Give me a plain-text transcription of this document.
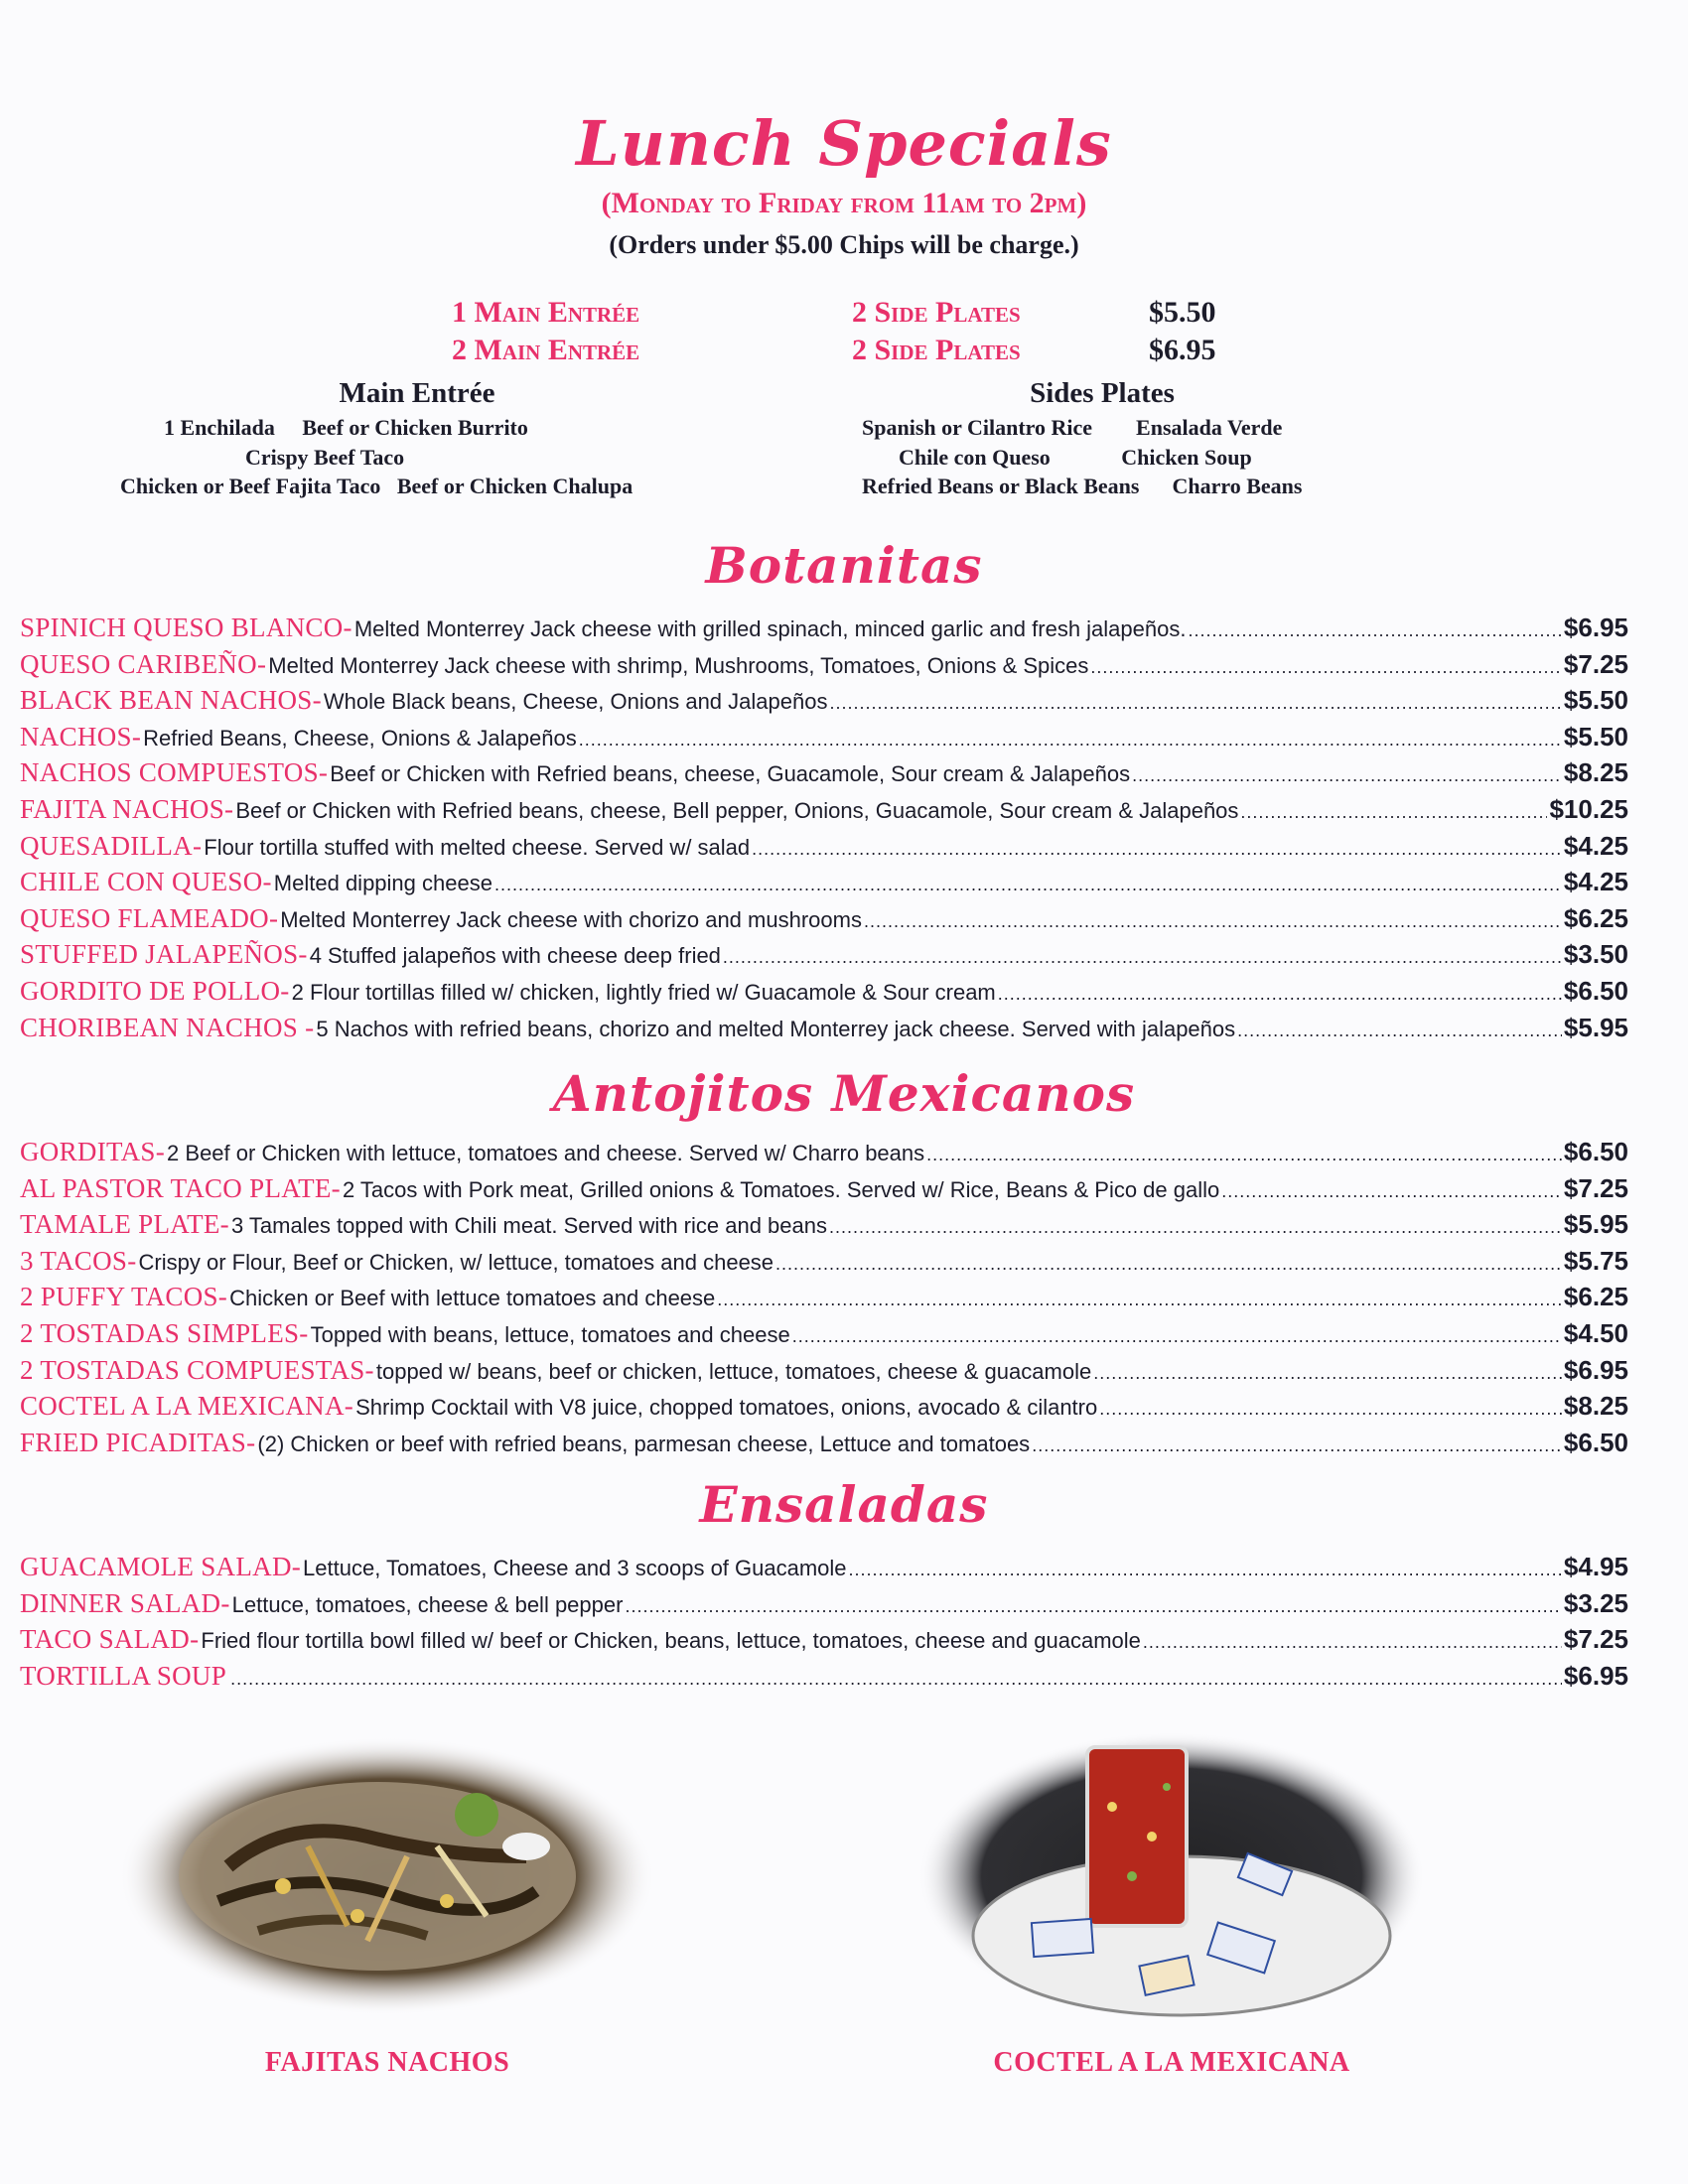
Lunch Specials
(Monday to Friday from 11am to 2pm)
(Orders under $5.00 Chips will be charge.)
1 Main Entrée	2 Side Plates	$5.50
2 Main Entrée	2 Side Plates	$6.95
Main Entrée
1 Enchilada     Beef or Chicken Burrito
Crispy Beef Taco
Chicken or Beef Fajita Taco   Beef or Chicken Chalupa
Sides Plates
Spanish or Cilantro Rice        Ensalada Verde
Chile con Queso             Chicken Soup
Refried Beans or Black Beans      Charro Beans
Botanitas
SPINICH QUESO BLANCO- Melted Monterrey Jack cheese with grilled spinach, minced garlic and fresh jalapeños. .....	$6.95
QUESO CARIBEÑO- Melted Monterrey Jack cheese with shrimp, Mushrooms, Tomatoes, Onions & Spices .....	$7.25
BLACK BEAN NACHOS- Whole Black beans, Cheese, Onions and Jalapeños .....	$5.50
NACHOS- Refried Beans, Cheese, Onions & Jalapeños .....	$5.50
NACHOS COMPUESTOS- Beef or Chicken with Refried beans, cheese, Guacamole, Sour cream & Jalapeños .....	$8.25
FAJITA NACHOS- Beef or Chicken with Refried beans, cheese, Bell pepper, Onions, Guacamole, Sour cream & Jalapeños .....	$10.25
QUESADILLA- Flour tortilla stuffed with melted cheese. Served w/ salad .....	$4.25
CHILE CON QUESO- Melted dipping cheese .....	$4.25
QUESO FLAMEADO- Melted Monterrey Jack cheese with chorizo and mushrooms .....	$6.25
STUFFED JALAPEÑOS- 4 Stuffed jalapeños with cheese deep fried .....	$3.50
GORDITO DE POLLO- 2 Flour tortillas filled w/ chicken, lightly fried w/ Guacamole & Sour cream .....	$6.50
CHORIBEAN NACHOS - 5 Nachos with refried beans, chorizo and melted Monterrey jack cheese. Served with jalapeños .....	$5.95
Antojitos Mexicanos
GORDITAS- 2 Beef or Chicken with lettuce, tomatoes and cheese. Served w/ Charro beans .....	$6.50
AL PASTOR TACO PLATE- 2 Tacos with Pork meat, Grilled onions & Tomatoes. Served w/ Rice, Beans & Pico de gallo .....	$7.25
TAMALE PLATE- 3 Tamales topped with Chili meat. Served with rice and beans .....	$5.95
3 TACOS- Crispy or Flour, Beef or Chicken, w/ lettuce, tomatoes and cheese .....	$5.75
2 PUFFY TACOS- Chicken or Beef with lettuce tomatoes and cheese .....	$6.25
2 TOSTADAS SIMPLES- Topped with beans, lettuce, tomatoes and cheese .....	$4.50
2 TOSTADAS COMPUESTAS- topped w/ beans, beef or chicken, lettuce, tomatoes, cheese & guacamole .....	$6.95
COCTEL A LA MEXICANA- Shrimp Cocktail with V8 juice, chopped tomatoes, onions, avocado & cilantro .....	$8.25
FRIED PICADITAS- (2) Chicken or beef with refried beans, parmesan cheese, Lettuce and tomatoes .....	$6.50
Ensaladas
GUACAMOLE SALAD- Lettuce, Tomatoes, Cheese and 3 scoops of Guacamole .....	$4.95
DINNER SALAD- Lettuce, tomatoes, cheese & bell pepper .....	$3.25
TACO SALAD- Fried flour tortilla bowl filled w/ beef or Chicken, beans, lettuce, tomatoes, cheese and guacamole .....	$7.25
TORTILLA SOUP .....	$6.95
FAJITAS NACHOS	COCTEL A LA MEXICANA
